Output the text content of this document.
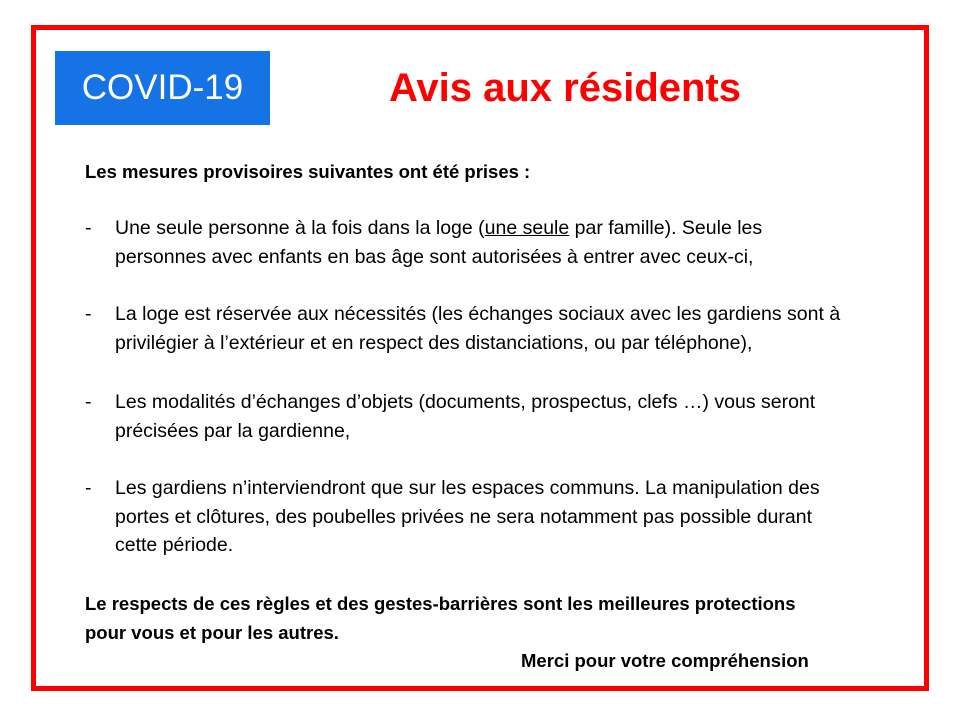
COVID-19	Avis aux résidents
Les mesures provisoires suivantes ont été prises :
- Une seule personne à la fois dans la loge (une seule par famille). Seule les
personnes avec enfants en bas âge sont autorisées à entrer avec ceux-ci,
- La loge est réservée aux nécessités (les échanges sociaux avec les gardiens sont à
privilégier à l’extérieur et en respect des distanciations, ou par téléphone),
- Les modalités d’échanges d’objets (documents, prospectus, clefs …) vous seront
précisées par la gardienne,
- Les gardiens n’interviendront que sur les espaces communs. La manipulation des
portes et clôtures, des poubelles privées ne sera notamment pas possible durant
cette période.
Le respects de ces règles et des gestes-barrières sont les meilleures protections
pour vous et pour les autres.
Merci pour votre compréhension
